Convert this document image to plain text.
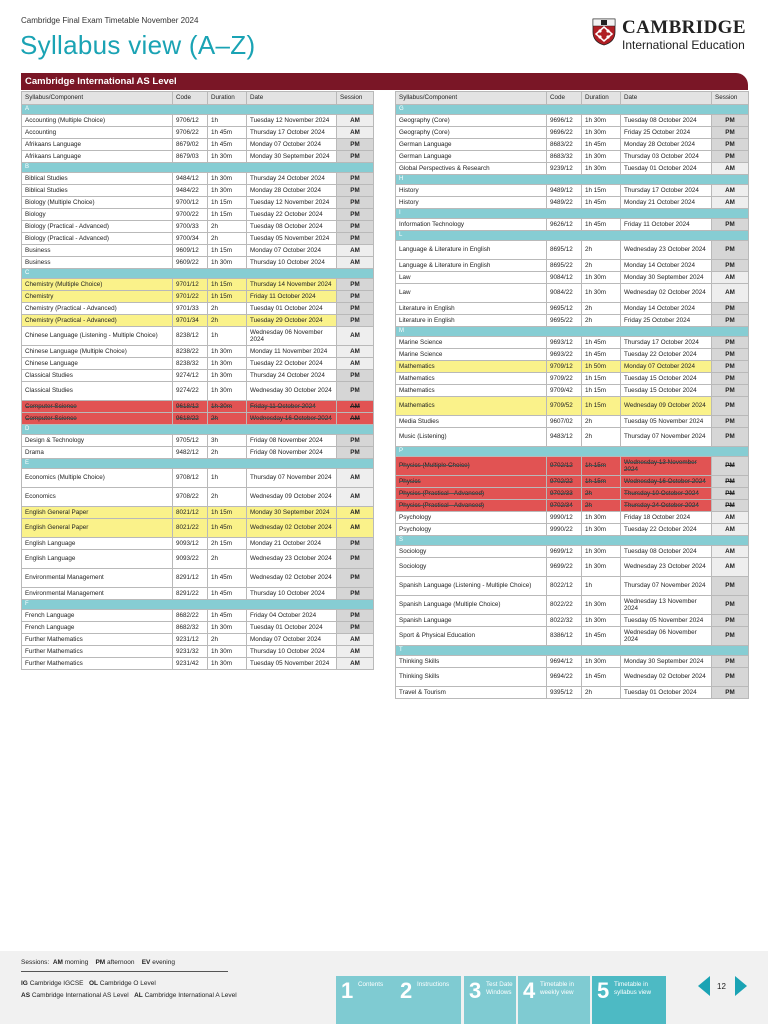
Cambridge Final Exam Timetable November 2024
Syllabus view (A–Z)
CAMBRIDGE
International Education
Cambridge International AS Level
Syllabus/Component	Code	Duration	Date	Session
A				
Accounting (Multiple Choice)	9706/12	1h	Tuesday 12 November 2024	AM
Accounting	9706/22	1h 45m	Thursday 17 October 2024	AM
Afrikaans Language	8679/02	1h 45m	Monday 07 October 2024	PM
Afrikaans Language	8679/03	1h 30m	Monday 30 September 2024	PM
B				
Biblical Studies	9484/12	1h 30m	Thursday 24 October 2024	PM
Biblical Studies	9484/22	1h 30m	Monday 28 October 2024	PM
Biology (Multiple Choice)	9700/12	1h 15m	Tuesday 12 November 2024	PM
Biology	9700/22	1h 15m	Tuesday 22 October 2024	PM
Biology (Practical - Advanced)	9700/33	2h	Tuesday 08 October 2024	PM
Biology (Practical - Advanced)	9700/34	2h	Tuesday 05 November 2024	PM
Business	9609/12	1h 15m	Monday 07 October 2024	AM
Business	9609/22	1h 30m	Thursday 10 October 2024	AM
C				
Chemistry (Multiple Choice)	9701/12	1h 15m	Thursday 14 November 2024	PM
Chemistry	9701/22	1h 15m	Friday 11 October 2024	PM
Chemistry (Practical - Advanced)	9701/33	2h	Tuesday 01 October 2024	PM
Chemistry (Practical - Advanced)	9701/34	2h	Tuesday 29 October 2024	PM
Chinese Language (Listening - Multiple Choice)	8238/12	1h	Wednesday 06 November 2024	AM
Chinese Language (Multiple Choice)	8238/22	1h 30m	Monday 11 November 2024	AM
Chinese Language	8238/32	1h 30m	Tuesday 22 October 2024	AM
Classical Studies	9274/12	1h 30m	Thursday 24 October 2024	PM
Classical Studies	9274/22	1h 30m	Wednesday 30 October 2024	PM
Computer Science	9618/12	1h 30m	Friday 11 October 2024	AM
Computer Science	9618/22	2h	Wednesday 16 October 2024	AM
D				
Design & Technology	9705/12	3h	Friday 08 November 2024	PM
Drama	9482/12	2h	Friday 08 November 2024	PM
E				
Economics (Multiple Choice)	9708/12	1h	Thursday 07 November 2024	AM
Economics	9708/22	2h	Wednesday 09 October 2024	AM
English General Paper	8021/12	1h 15m	Monday 30 September 2024	AM
English General Paper	8021/22	1h 45m	Wednesday 02 October 2024	AM
English Language	9093/12	2h 15m	Monday 21 October 2024	PM
English Language	9093/22	2h	Wednesday 23 October 2024	PM
Environmental Management	8291/12	1h 45m	Wednesday 02 October 2024	PM
Environmental Management	8291/22	1h 45m	Thursday 10 October 2024	PM
F				
French Language	8682/22	1h 45m	Friday 04 October 2024	PM
French Language	8682/32	1h 30m	Tuesday 01 October 2024	PM
Further Mathematics	9231/12	2h	Monday 07 October 2024	AM
Further Mathematics	9231/32	1h 30m	Thursday 10 October 2024	AM
Further Mathematics	9231/42	1h 30m	Tuesday 05 November 2024	AM
Syllabus/Component	Code	Duration	Date	Session
G				
Geography (Core)	9696/12	1h 30m	Tuesday 08 October 2024	PM
Geography (Core)	9696/22	1h 30m	Friday 25 October 2024	PM
German Language	8683/22	1h 45m	Monday 28 October 2024	PM
German Language	8683/32	1h 30m	Thursday 03 October 2024	PM
Global Perspectives & Research	9239/12	1h 30m	Tuesday 01 October 2024	AM
H				
History	9489/12	1h 15m	Thursday 17 October 2024	AM
History	9489/22	1h 45m	Monday 21 October 2024	AM
I				
Information Technology	9626/12	1h 45m	Friday 11 October 2024	PM
L				
Language & Literature in English	8695/12	2h	Wednesday 23 October 2024	PM
Language & Literature in English	8695/22	2h	Monday 14 October 2024	PM
Law	9084/12	1h 30m	Monday 30 September 2024	AM
Law	9084/22	1h 30m	Wednesday 02 October 2024	AM
Literature in English	9695/12	2h	Monday 14 October 2024	PM
Literature in English	9695/22	2h	Friday 25 October 2024	PM
M				
Marine Science	9693/12	1h 45m	Thursday 17 October 2024	PM
Marine Science	9693/22	1h 45m	Tuesday 22 October 2024	PM
Mathematics	9709/12	1h 50m	Monday 07 October 2024	PM
Mathematics	9709/22	1h 15m	Tuesday 15 October 2024	PM
Mathematics	9709/42	1h 15m	Tuesday 15 October 2024	PM
Mathematics	9709/52	1h 15m	Wednesday 09 October 2024	PM
Media Studies	9607/02	2h	Tuesday 05 November 2024	PM
Music (Listening)	9483/12	2h	Thursday 07 November 2024	PM
P				
Physics (Multiple Choice)	9702/12	1h 15m	Wednesday 13 November 2024	PM
Physics	9702/22	1h 15m	Wednesday 16 October 2024	PM
Physics (Practical - Advanced)	9702/33	2h	Thursday 10 October 2024	PM
Physics (Practical - Advanced)	9702/34	2h	Thursday 24 October 2024	PM
Psychology	9990/12	1h 30m	Friday 18 October 2024	AM
Psychology	9990/22	1h 30m	Tuesday 22 October 2024	AM
S				
Sociology	9699/12	1h 30m	Tuesday 08 October 2024	AM
Sociology	9699/22	1h 30m	Wednesday 23 October 2024	AM
Spanish Language (Listening - Multiple Choice)	8022/12	1h	Thursday 07 November 2024	PM
Spanish Language (Multiple Choice)	8022/22	1h 30m	Wednesday 13 November 2024	PM
Spanish Language	8022/32	1h 30m	Tuesday 05 November 2024	PM
Sport & Physical Education	8386/12	1h 45m	Wednesday 06 November 2024	PM
T				
Thinking Skills	9694/12	1h 30m	Monday 30 September 2024	PM
Thinking Skills	9694/22	1h 45m	Wednesday 02 October 2024	PM
Travel & Tourism	9395/12	2h	Tuesday 01 October 2024	PM
Sessions: AM morning PM afternoon EV evening
IG Cambridge IGCSE OL Cambridge O Level
AS Cambridge International AS Level AL Cambridge International A Level	1 Contents 2 Instructions 3 Test Date Windows 4 Timetable in weekly view	5 Timetable in syllabus view
12
